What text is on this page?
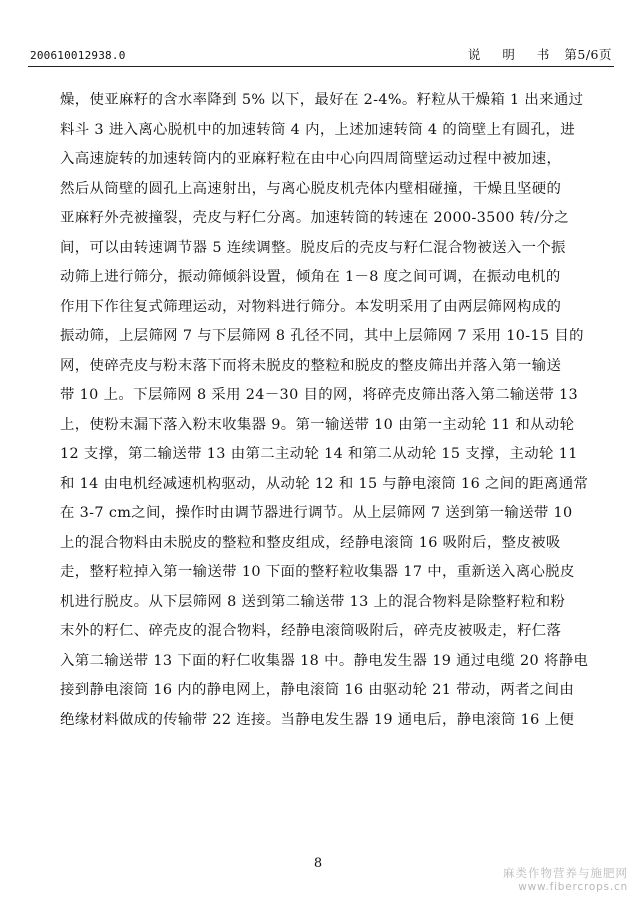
200610012938.0	说 明 书 第5/6页
燥，使亚麻籽的含水率降到 5% 以下，最好在 2-4%。籽粒从干燥箱 1 出来通过
料斗 3 进入离心脱机中的加速转筒 4 内，上述加速转筒 4 的筒壁上有圆孔，进
入高速旋转的加速转筒内的亚麻籽粒在由中心向四周筒壁运动过程中被加速，
然后从筒壁的圆孔上高速射出，与离心脱皮机壳体内壁相碰撞，干燥且坚硬的
亚麻籽外壳被撞裂，壳皮与籽仁分离。加速转筒的转速在 2000-3500 转/分之
间，可以由转速调节器 5 连续调整。脱皮后的壳皮与籽仁混合物被送入一个振
动筛上进行筛分，振动筛倾斜设置，倾角在 1－8 度之间可调，在振动电机的
作用下作往复式筛理运动，对物料进行筛分。本发明采用了由两层筛网构成的
振动筛，上层筛网 7 与下层筛网 8 孔径不同，其中上层筛网 7 采用 10-15 目的
网，使碎壳皮与粉末落下而将未脱皮的整粒和脱皮的整皮筛出并落入第一输送
带 10 上。下层筛网 8 采用 24－30 目的网，将碎壳皮筛出落入第二输送带 13
上，使粉末漏下落入粉末收集器 9。第一输送带 10 由第一主动轮 11 和从动轮
12 支撑，第二输送带 13 由第二主动轮 14 和第二从动轮 15 支撑，主动轮 11
和 14 由电机经减速机构驱动，从动轮 12 和 15 与静电滚筒 16 之间的距离通常
在 3-7 cm之间，操作时由调节器进行调节。从上层筛网 7 送到第一输送带 10
上的混合物料由未脱皮的整粒和整皮组成，经静电滚筒 16 吸附后，整皮被吸
走，整籽粒掉入第一输送带 10 下面的整籽粒收集器 17 中，重新送入离心脱皮
机进行脱皮。从下层筛网 8 送到第二输送带 13 上的混合物料是除整籽粒和粉
末外的籽仁、碎壳皮的混合物料，经静电滚筒吸附后，碎壳皮被吸走，籽仁落
入第二输送带 13 下面的籽仁收集器 18 中。静电发生器 19 通过电缆 20 将静电
接到静电滚筒 16 内的静电网上，静电滚筒 16 由驱动轮 21 带动，两者之间由
绝缘材料做成的传输带 22 连接。当静电发生器 19 通电后，静电滚筒 16 上便
8
麻类作物营养与施肥网
www.fibercrops.cn
